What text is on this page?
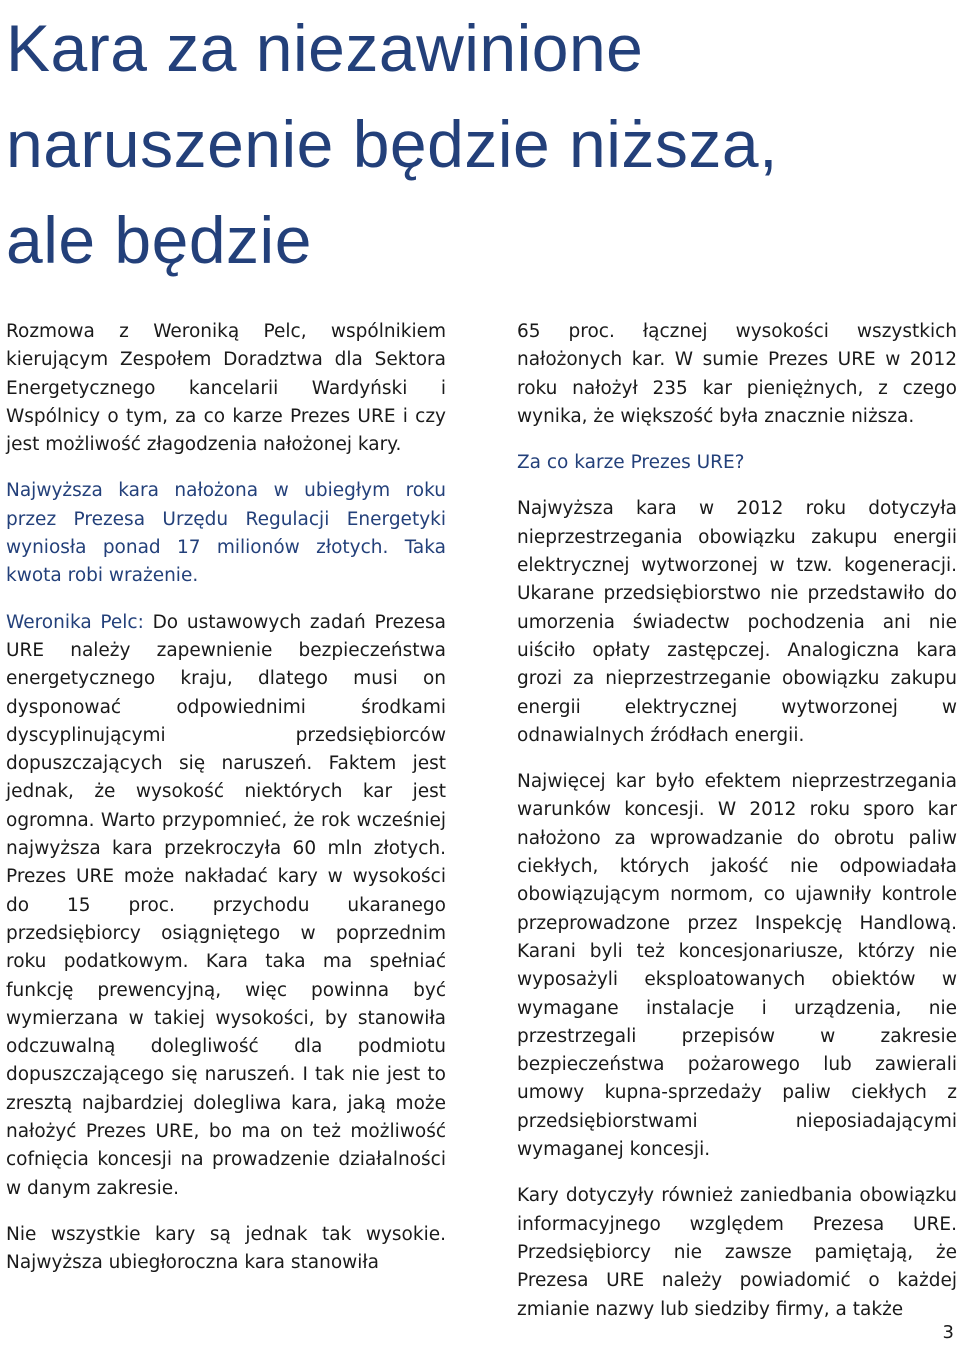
Kara za niezawinione
naruszenie będzie niższa,
ale będzie

Rozmowa z Weroniką Pelc, wspólnikiem kierującym Zespołem Doradztwa dla Sektora Energetycznego kancelarii Wardyński i Wspólnicy o tym, za co karze Prezes URE i czy jest możliwość złagodzenia nałożonej kary.

Najwyższa kara nałożona w ubiegłym roku przez Prezesa Urzędu Regulacji Energetyki wyniosła ponad 17 milionów złotych. Taka kwota robi wrażenie.

Weronika Pelc: Do ustawowych zadań Prezesa URE należy zapewnienie bezpieczeństwa energetycznego kraju, dlatego musi on dysponować odpowiednimi środkami dyscyplinującymi przedsiębiorców dopuszczających się naruszeń. Faktem jest jednak, że wysokość niektórych kar jest ogromna. Warto przypomnieć, że rok wcześniej najwyższa kara przekroczyła 60 mln złotych. Prezes URE może nakładać kary w wysokości do 15 proc. przychodu ukaranego przedsiębiorcy osiągniętego w poprzednim roku podatkowym. Kara taka ma spełniać funkcję prewencyjną, więc powinna być wymierzana w takiej wysokości, by stanowiła odczuwalną dolegliwość dla podmiotu dopuszczającego się naruszeń. I tak nie jest to zresztą najbardziej dolegliwa kara, jaką może nałożyć Prezes URE, bo ma on też możliwość cofnięcia koncesji na prowadzenie działalności w danym zakresie.

Nie wszystkie kary są jednak tak wysokie. Najwyższa ubiegłoroczna kara stanowiła

65 proc. łącznej wysokości wszystkich nałożonych kar. W sumie Prezes URE w 2012 roku nałożył 235 kar pieniężnych, z czego wynika, że większość była znacznie niższa.

Za co karze Prezes URE?

Najwyższa kara w 2012 roku dotyczyła nieprzestrzegania obowiązku zakupu energii elektrycznej wytworzonej w tzw. kogeneracji. Ukarane przedsiębiorstwo nie przedstawiło do umorzenia świadectw pochodzenia ani nie uiściło opłaty zastępczej. Analogiczna kara grozi za nieprzestrzeganie obowiązku zakupu energii elektrycznej wytworzonej w odnawialnych źródłach energii.

Najwięcej kar było efektem nieprzestrzegania warunków koncesji. W 2012 roku sporo kar nałożono za wprowadzanie do obrotu paliw ciekłych, których jakość nie odpowiadała obowiązującym normom, co ujawniły kontrole przeprowadzone przez Inspekcję Handlową. Karani byli też koncesjonariusze, którzy nie wyposażyli eksploatowanych obiektów w wymagane instalacje i urządzenia, nie przestrzegali przepisów w zakresie bezpieczeństwa pożarowego lub zawierali umowy kupna-sprzedaży paliw ciekłych z przedsiębiorstwami nieposiadającymi wymaganej koncesji.

Kary dotyczyły również zaniedbania obowiązku informacyjnego względem Prezesa URE. Przedsiębiorcy nie zawsze pamiętają, że Prezesa URE należy powiadomić o każdej zmianie nazwy lub siedziby firmy, a także

3
